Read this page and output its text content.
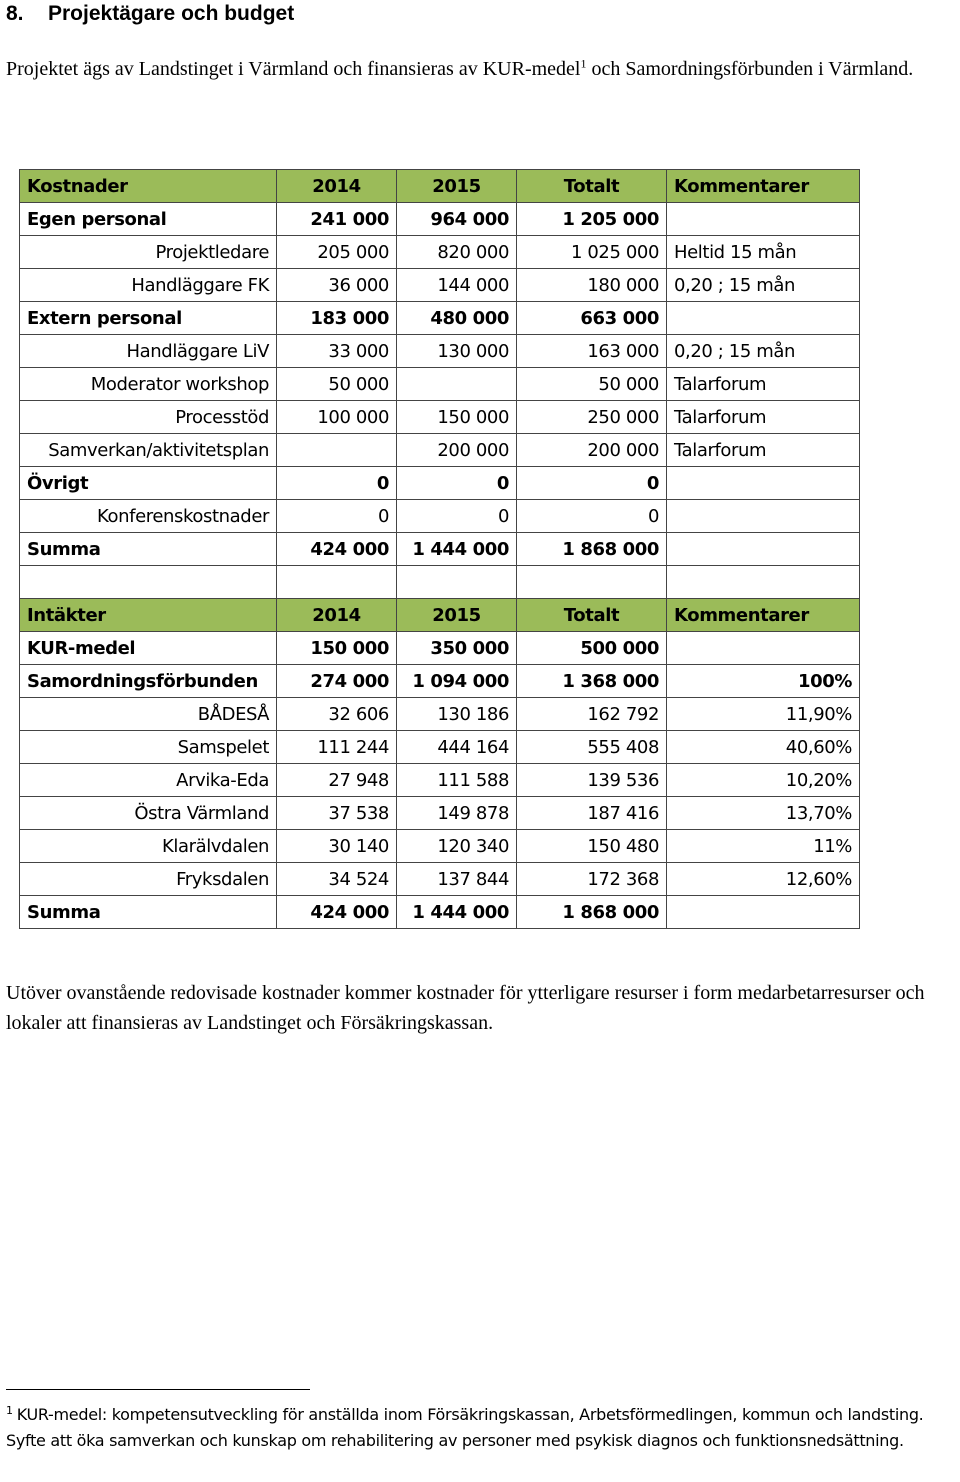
8. Projektägare och budget
Projektet ägs av Landstinget i Värmland och finansieras av KUR-medel$^1$ och Samordningsförbunden i Värmland.
Kostnader	2014	2015	Totalt	Kommentarer
Egen personal	241 000	964 000	1 205 000	
Projektledare	205 000	820 000	1 025 000	Heltid 15 mån
Handläggare FK	36 000	144 000	180 000	0,20 ; 15 mån
Extern personal	183 000	480 000	663 000	
Handläggare LiV	33 000	130 000	163 000	0,20 ; 15 mån
Moderator workshop	50 000		50 000	Talarforum
Processtöd	100 000	150 000	250 000	Talarforum
Samverkan/aktivitetsplan		200 000	200 000	Talarforum
Övrigt	0	0	0	
Konferenskostnader	0	0	0	
Summa	424 000	1 444 000	1 868 000	

Intäkter	2014	2015	Totalt	Kommentarer
KUR-medel	150 000	350 000	500 000	
Samordningsförbunden	274 000	1 094 000	1 368 000	100%
BÅDESÅ	32 606	130 186	162 792	11,90%
Samspelet	111 244	444 164	555 408	40,60%
Arvika-Eda	27 948	111 588	139 536	10,20%
Östra Värmland	37 538	149 878	187 416	13,70%
Klarälvdalen	30 140	120 340	150 480	11%
Fryksdalen	34 524	137 844	172 368	12,60%
Summa	424 000	1 444 000	1 868 000	
Utöver ovanstående redovisade kostnader kommer kostnader för ytterligare resurser i form medarbetarresurser och lokaler att finansieras av Landstinget och Försäkringskassan.
$^1$ KUR-medel: kompetensutveckling för anställda inom Försäkringskassan, Arbetsförmedlingen, kommun och landsting. Syfte att öka samverkan och kunskap om rehabilitering av personer med psykisk diagnos och funktionsnedsättning.
